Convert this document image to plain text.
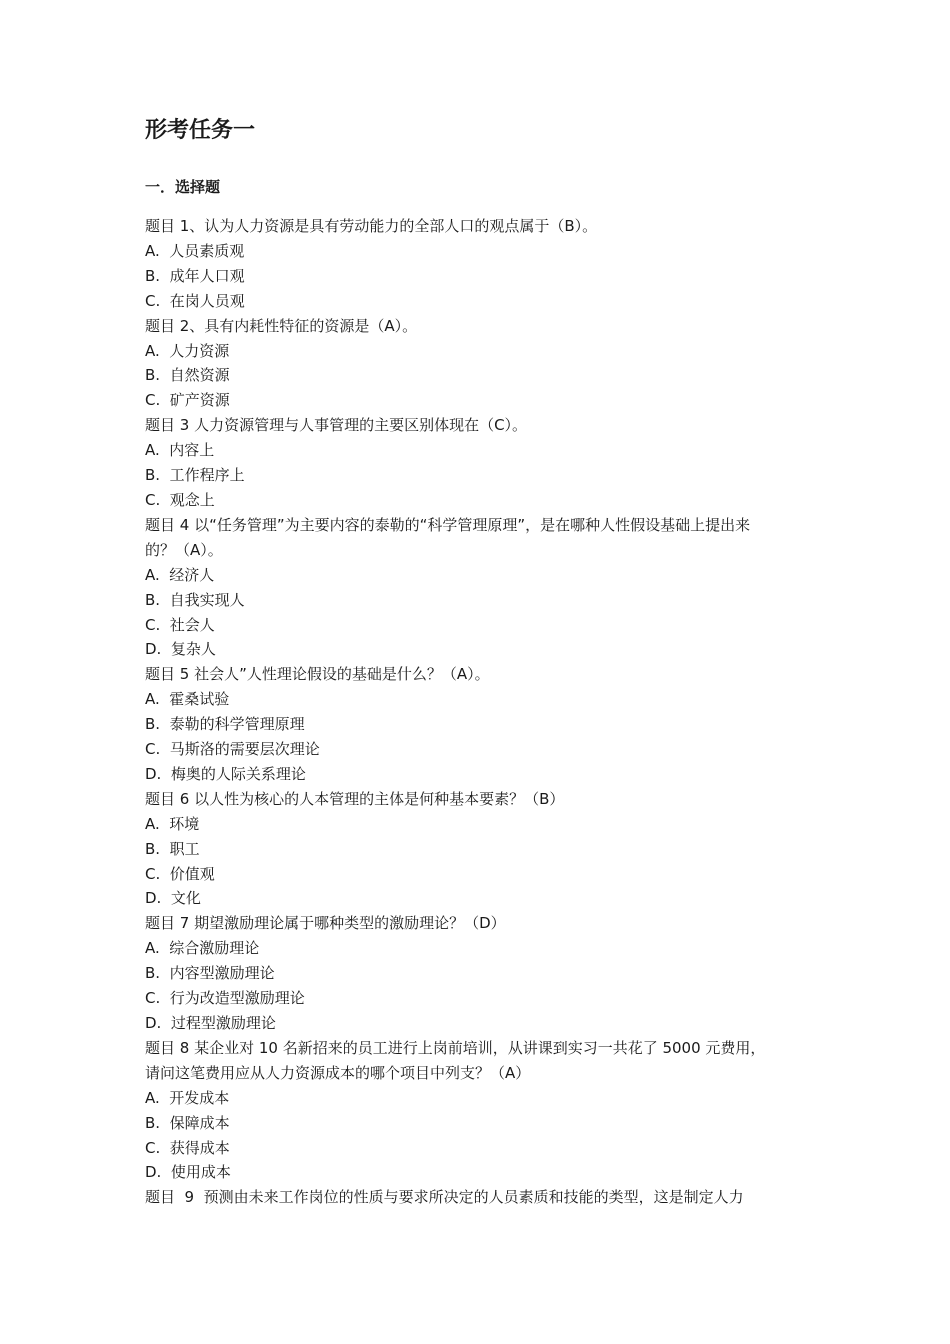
形考任务一
一．选择题

题目 1、认为人力资源是具有劳动能力的全部人口的观点属于（B）。

A.  人员素质观

B.  成年人口观

C.  在岗人员观

题目 2、具有内耗性特征的资源是（A）。

A.  人力资源

B.  自然资源

C.  矿产资源

题目 3 人力资源管理与人事管理的主要区别体现在（C）。

A.  内容上

B.  工作程序上

C.  观念上

题目 4 以“任务管理”为主要内容的泰勒的“科学管理原理”，是在哪种人性假设基础上提出来

的？（A）。

A.  经济人

B.  自我实现人

C.  社会人

D.  复杂人

题目 5 社会人”人性理论假设的基础是什么？（A）。

A.  霍桑试验

B.  泰勒的科学管理原理

C.  马斯洛的需要层次理论

D.  梅奥的人际关系理论

题目 6 以人性为核心的人本管理的主体是何种基本要素？（B）

A.  环境

B.  职工

C.  价值观

D.  文化

题目 7 期望激励理论属于哪种类型的激励理论？（D）

A.  综合激励理论

B.  内容型激励理论

C.  行为改造型激励理论

D.  过程型激励理论

题目 8 某企业对 10 名新招来的员工进行上岗前培训，从讲课到实习一共花了 5000 元费用，

请问这笔费用应从人力资源成本的哪个项目中列支？（A）

A.  开发成本

B.  保障成本

C.  获得成本

D.  使用成本

题目  9  预测由未来工作岗位的性质与要求所决定的人员素质和技能的类型，这是制定人力
